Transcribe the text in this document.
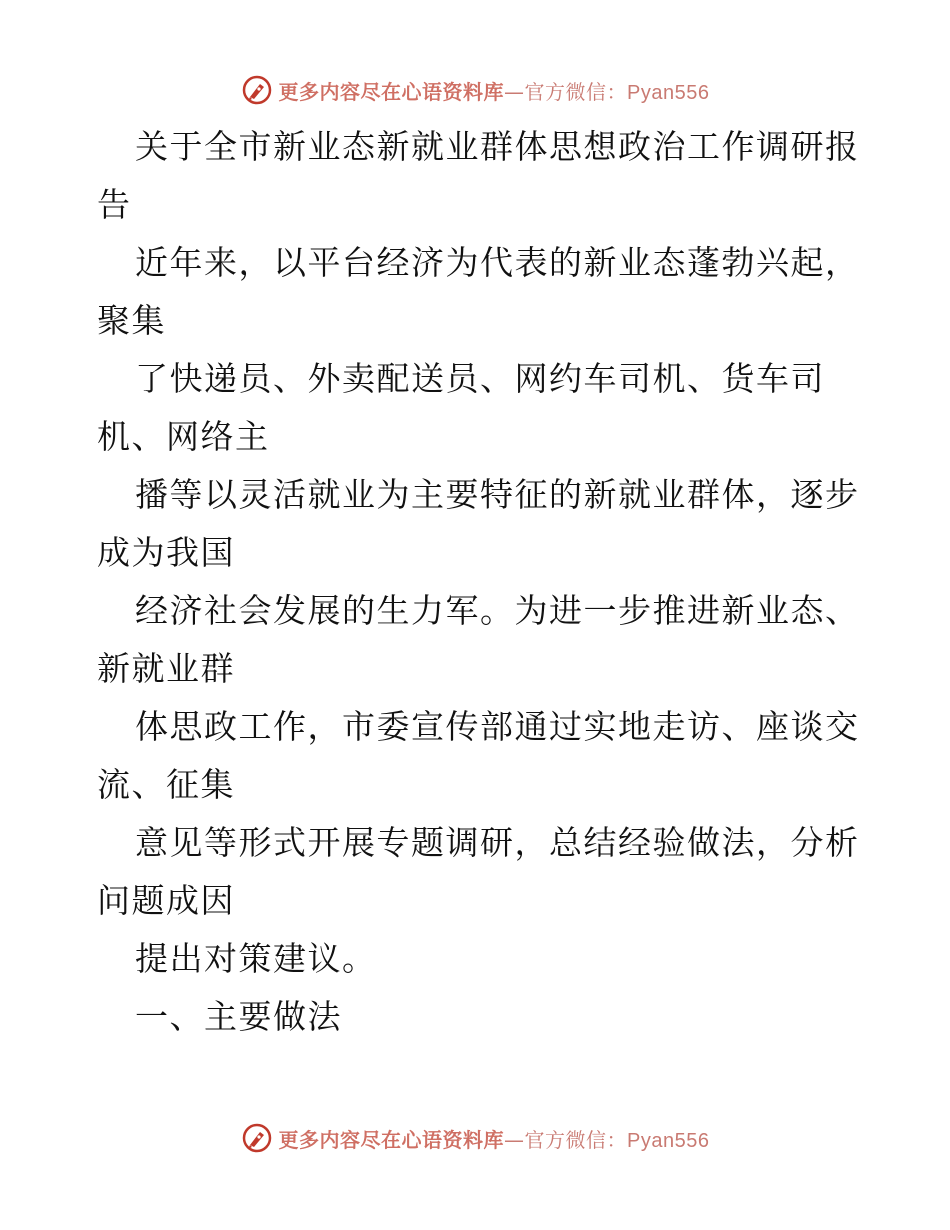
更多内容尽在心语资料库—官方微信：Pyan556
关于全市新业态新就业群体思想政治工作调研报
告
近年来，以平台经济为代表的新业态蓬勃兴起，
聚集
了快递员、外卖配送员、网约车司机、货车司
机、网络主
播等以灵活就业为主要特征的新就业群体，逐步
成为我国
经济社会发展的生力军。为进一步推进新业态、
新就业群
体思政工作，市委宣传部通过实地走访、座谈交
流、征集
意见等形式开展专题调研，总结经验做法，分析
问题成因
提出对策建议。
一、主要做法
更多内容尽在心语资料库—官方微信：Pyan556
